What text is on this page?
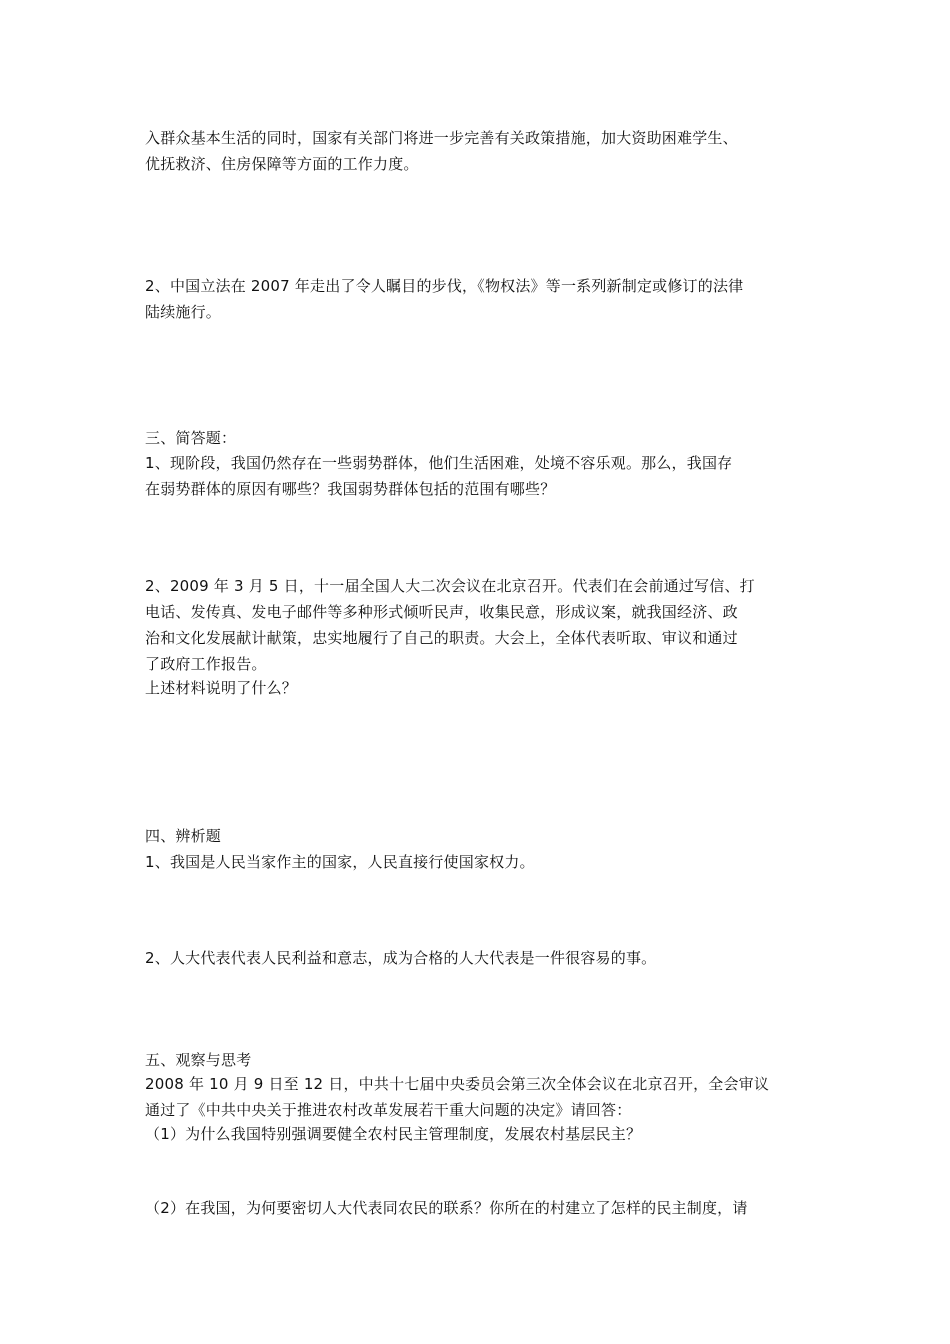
入群众基本生活的同时，国家有关部门将进一步完善有关政策措施，加大资助困难学生、
优抚救济、住房保障等方面的工作力度。
2、中国立法在 2007 年走出了令人瞩目的步伐，《物权法》等一系列新制定或修订的法律
陆续施行。
三、简答题：
1、现阶段，我国仍然存在一些弱势群体，他们生活困难，处境不容乐观。那么，我国存
在弱势群体的原因有哪些？我国弱势群体包括的范围有哪些？
2、2009 年 3 月 5 日，十一届全国人大二次会议在北京召开。代表们在会前通过写信、打
电话、发传真、发电子邮件等多种形式倾听民声，收集民意，形成议案，就我国经济、政
治和文化发展献计献策，忠实地履行了自己的职责。大会上，全体代表听取、审议和通过
了政府工作报告。
上述材料说明了什么？
四、辨析题
1、我国是人民当家作主的国家，人民直接行使国家权力。
2、人大代表代表人民利益和意志，成为合格的人大代表是一件很容易的事。
五、观察与思考
2008 年 10 月 9 日至 12 日，中共十七届中央委员会第三次全体会议在北京召开，全会审议
通过了《中共中央关于推进农村改革发展若干重大问题的决定》请回答：
（1）为什么我国特别强调要健全农村民主管理制度，发展农村基层民主？
（2）在我国，为何要密切人大代表同农民的联系？你所在的村建立了怎样的民主制度，请
